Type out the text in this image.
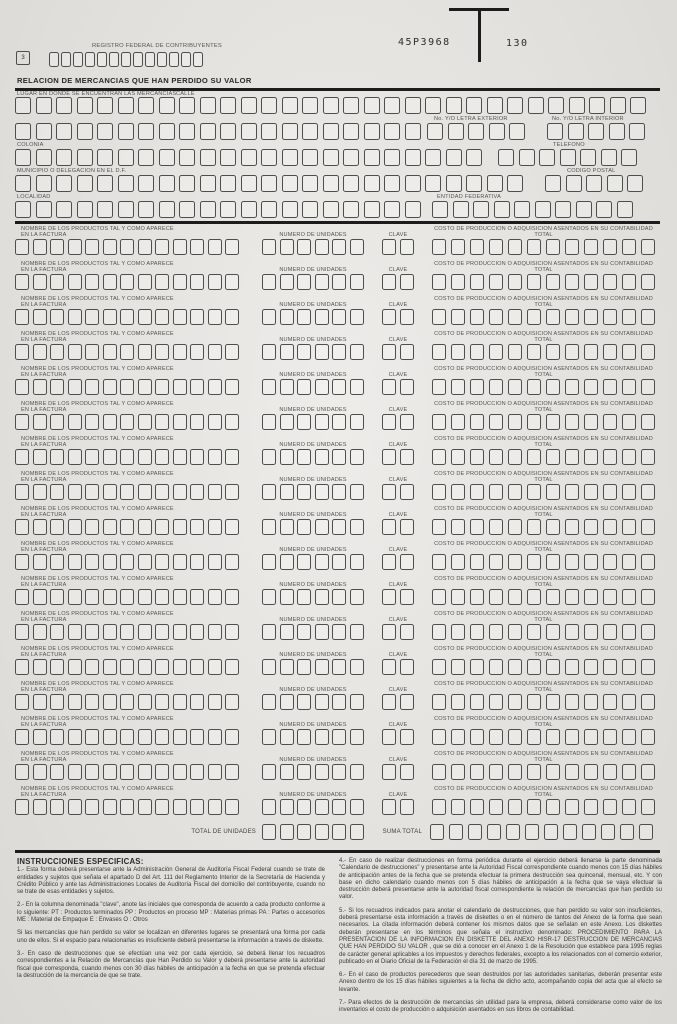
45P3968	130
REGISTRO FEDERAL DE CONTRIBUYENTES
3
RELACION DE MERCANCIAS QUE HAN PERDIDO SU VALOR
LUGAR EN DONDE SE ENCUENTRAN LAS MERCANCIAS CALLE
No. Y/O LETRA EXTERIOR	No. Y/O LETRA INTERIOR
COLONIA	TELEFONO
MUNICIPIO O DELEGACION EN EL D.F.	CODIGO POSTAL
LOCALIDAD	ENTIDAD FEDERATIVA
NOMBRE DE LOS PRODUCTOS TAL Y COMO APARECE
EN LA FACTURA	NUMERO DE UNIDADES	CLAVE
COSTO DE PRODUCCION O ADQUISICION ASENTADOS EN SU CONTABILIDAD
TOTAL
NOMBRE DE LOS PRODUCTOS TAL Y COMO APARECE
EN LA FACTURA	NUMERO DE UNIDADES	CLAVE
COSTO DE PRODUCCION O ADQUISICION ASENTADOS EN SU CONTABILIDAD
TOTAL
NOMBRE DE LOS PRODUCTOS TAL Y COMO APARECE
EN LA FACTURA	NUMERO DE UNIDADES	CLAVE
COSTO DE PRODUCCION O ADQUISICION ASENTADOS EN SU CONTABILIDAD
TOTAL
NOMBRE DE LOS PRODUCTOS TAL Y COMO APARECE
EN LA FACTURA	NUMERO DE UNIDADES	CLAVE
COSTO DE PRODUCCION O ADQUISICION ASENTADOS EN SU CONTABILIDAD
TOTAL
NOMBRE DE LOS PRODUCTOS TAL Y COMO APARECE
EN LA FACTURA	NUMERO DE UNIDADES	CLAVE
COSTO DE PRODUCCION O ADQUISICION ASENTADOS EN SU CONTABILIDAD
TOTAL
NOMBRE DE LOS PRODUCTOS TAL Y COMO APARECE
EN LA FACTURA	NUMERO DE UNIDADES	CLAVE
COSTO DE PRODUCCION O ADQUISICION ASENTADOS EN SU CONTABILIDAD
TOTAL
NOMBRE DE LOS PRODUCTOS TAL Y COMO APARECE
EN LA FACTURA	NUMERO DE UNIDADES	CLAVE
COSTO DE PRODUCCION O ADQUISICION ASENTADOS EN SU CONTABILIDAD
TOTAL
NOMBRE DE LOS PRODUCTOS TAL Y COMO APARECE
EN LA FACTURA	NUMERO DE UNIDADES	CLAVE
COSTO DE PRODUCCION O ADQUISICION ASENTADOS EN SU CONTABILIDAD
TOTAL
NOMBRE DE LOS PRODUCTOS TAL Y COMO APARECE
EN LA FACTURA	NUMERO DE UNIDADES	CLAVE
COSTO DE PRODUCCION O ADQUISICION ASENTADOS EN SU CONTABILIDAD
TOTAL
NOMBRE DE LOS PRODUCTOS TAL Y COMO APARECE
EN LA FACTURA	NUMERO DE UNIDADES	CLAVE
COSTO DE PRODUCCION O ADQUISICION ASENTADOS EN SU CONTABILIDAD
TOTAL
NOMBRE DE LOS PRODUCTOS TAL Y COMO APARECE
EN LA FACTURA	NUMERO DE UNIDADES	CLAVE
COSTO DE PRODUCCION O ADQUISICION ASENTADOS EN SU CONTABILIDAD
TOTAL
NOMBRE DE LOS PRODUCTOS TAL Y COMO APARECE
EN LA FACTURA	NUMERO DE UNIDADES	CLAVE
COSTO DE PRODUCCION O ADQUISICION ASENTADOS EN SU CONTABILIDAD
TOTAL
NOMBRE DE LOS PRODUCTOS TAL Y COMO APARECE
EN LA FACTURA	NUMERO DE UNIDADES	CLAVE
COSTO DE PRODUCCION O ADQUISICION ASENTADOS EN SU CONTABILIDAD
TOTAL
NOMBRE DE LOS PRODUCTOS TAL Y COMO APARECE
EN LA FACTURA	NUMERO DE UNIDADES	CLAVE
COSTO DE PRODUCCION O ADQUISICION ASENTADOS EN SU CONTABILIDAD
TOTAL
NOMBRE DE LOS PRODUCTOS TAL Y COMO APARECE
EN LA FACTURA	NUMERO DE UNIDADES	CLAVE
COSTO DE PRODUCCION O ADQUISICION ASENTADOS EN SU CONTABILIDAD
TOTAL
NOMBRE DE LOS PRODUCTOS TAL Y COMO APARECE
EN LA FACTURA	NUMERO DE UNIDADES	CLAVE
COSTO DE PRODUCCION O ADQUISICION ASENTADOS EN SU CONTABILIDAD
TOTAL
NOMBRE DE LOS PRODUCTOS TAL Y COMO APARECE
EN LA FACTURA	NUMERO DE UNIDADES	CLAVE
COSTO DE PRODUCCION O ADQUISICION ASENTADOS EN SU CONTABILIDAD
TOTAL
TOTAL DE UNIDADES	SUMA TOTAL
INSTRUCCIONES ESPECIFICAS:

1.- Esta forma deberá presentarse ante la Administración General de Auditoría Fiscal Federal cuando se trate de entidades y sujetos que señala el apartado D del Art. 111 del Reglamento Interior de la Secretaría de Hacienda y Crédito Público y ante las Administraciones Locales de Auditoría Fiscal del domicilio del contribuyente, cuando no se trate de esas entidades y sujetos.

2.- En la columna denominada "clave", anote las iniciales que corresponda de acuerdo a cada producto conforme a lo siguiente: PT : Productos terminados PP : Productos en proceso MP : Materias primas PA : Partes o accesorios ME : Material de Empaque E : Envases O : Otros

Si las mercancías que han perdido su valor se localizan en diferentes lugares se presentará una forma por cada uno de ellos. Si el espacio para relacionarlas es insuficiente deberá presentarse la información a través de diskette.

3.- En caso de destrucciones que se efectúan una vez por cada ejercicio, se deberá llenar los recuadros correspondientes a la Relación de Mercancías que Han Perdido su Valor y deberá presentarse ante la autoridad fiscal que corresponda, cuando menos con 30 días hábiles de anticipación a la fecha en que se pretenda efectuar la destrucción de la mercancía de que se trate.

4.- En caso de realizar destrucciones en forma periódica durante el ejercicio deberá llenarse la parte denominada "Calendario de destrucciones" y presentarse ante la Autoridad Fiscal correspondiente cuando menos con 15 días hábiles de anticipación antes de la fecha que se pretenda efectuar la primera destrucción sea quincenal, mensual, etc. Y con base en dicho calendario cuando menos con 5 días hábiles de anticipación a la fecha que se vaya efectuar la destrucción deberá presentarse ante la autoridad fiscal correspondiente la relación de mercancías que han perdido su valor.

5.- Si los recuadros indicados para anotar el calendario de destrucciones, que han perdido su valor son insuficientes, deberá presentarse esta información a través de diskettes o en el número de tantos del Anexo de la forma que sean necesarios. La citada información deberá contener los mismos datos que se señalan en este Anexo. Los diskettes deberán presentarse en los términos que señala el instructivo denominado: PROCEDIMIENTO PARA LA PRESENTACION DE LA INFORMACION EN DISKETTE DEL ANEXO HISR-17 DESTRUCCION DE MERCANCIAS QUE HAN PERDIDO SU VALOR , que se dió a conocer en el Anexo 1 de la Resolución que establece para 1995 reglas de carácter general aplicables a los impuestos y derechos federales, excepto a los relacionados con el comercio exterior, publicado en el Diario Oficial de la Federación el día 31 de marzo de 1995.

6.- En el caso de productos perecederos que sean destruidos por las autoridades sanitarias, deberán presentar este Anexo dentro de los 15 días hábiles siguientes a la fecha de dicho acto, acompañando copia del acta que al efecto se levante.

7.- Para efectos de la destrucción de mercancías sin utilidad para la empresa, deberá considerarse como valor de los inventarios el costo de producción o adquisición asentados en sus libros de contabilidad.
